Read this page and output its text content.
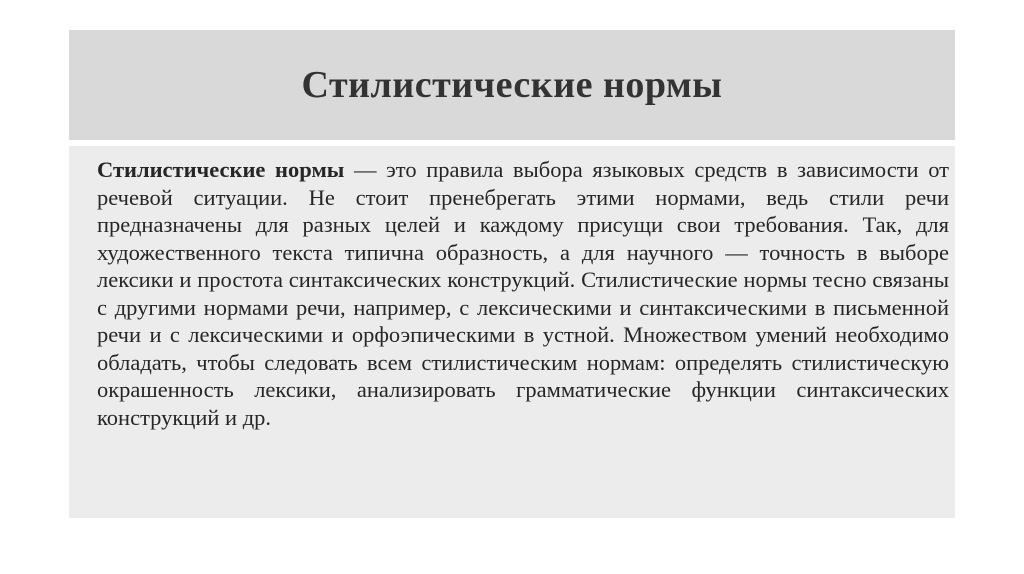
Стилистические нормы

Стилистические нормы — это правила выбора языковых средств в зависимости от речевой ситуации. Не стоит пренебрегать этими нормами, ведь стили речи предназначены для разных целей и каждому присущи свои требования. Так, для художественного текста типична образность, а для научного — точность в выборе лексики и простота синтаксических конструкций. Стилистические нормы тесно связаны с другими нормами речи, например, с лексическими и синтаксическими в письменной речи и с лексическими и орфоэпическими в устной. Множеством умений необходимо обладать, чтобы следовать всем стилистическим нормам: определять стилистическую окрашенность лексики, анализировать грамматические функции синтаксических конструкций и др.
